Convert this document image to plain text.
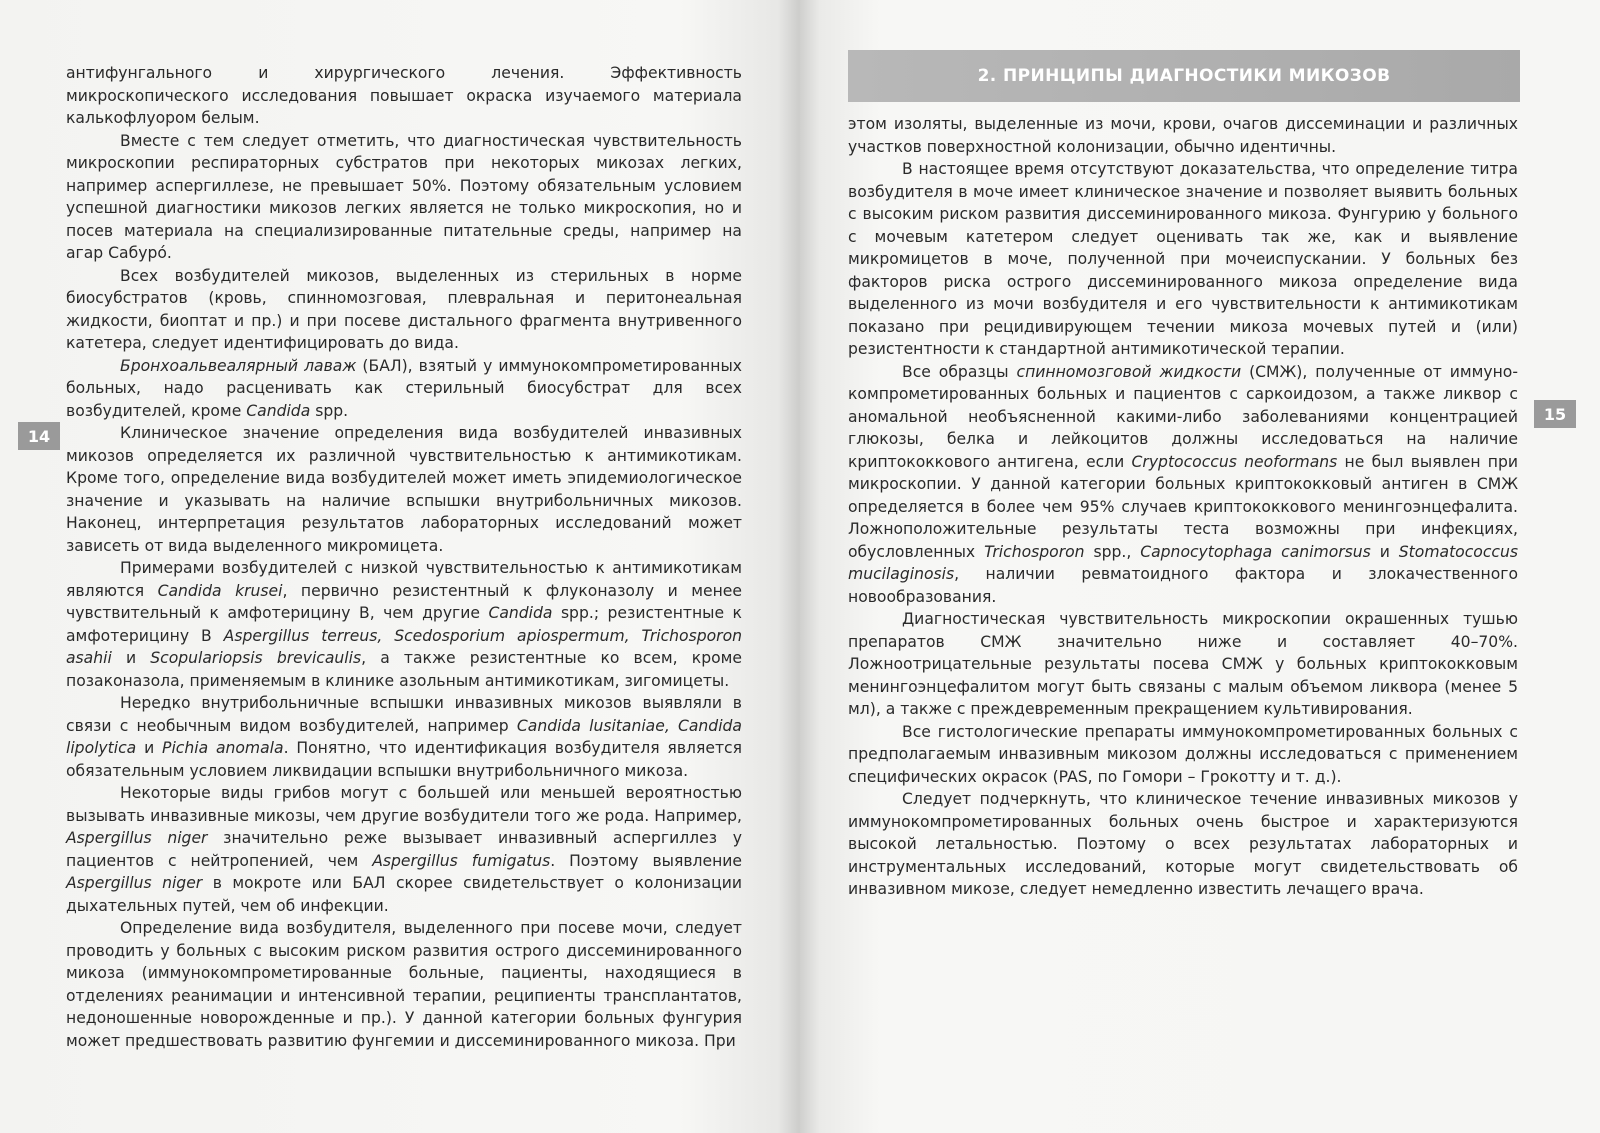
антифунгального и хирургического лечения. Эффективность микроскопического исследования повышает окраска изучаемого материала калькофлуором белым.

Вместе с тем следует отметить, что диагностическая чувствительность микроскопии респираторных субстратов при некоторых микозах легких, например аспергиллезе, не превышает 50%. Поэтому обязательным условием успешной диагностики микозов легких является не только микроскопия, но и посев материала на специализированные питательные среды, например на агар Сабуро́.

Всех возбудителей микозов, выделенных из стерильных в норме биосубстратов (кровь, спинномозговая, плевральная и перитонеальная жидкости, биоптат и пр.) и при посеве дистального фрагмента внутривенного катетера, следует идентифицировать до вида.

Бронхоальвеалярный лаваж (БАЛ), взятый у иммунокомпрометированных больных, надо расценивать как стерильный биосубстрат для всех возбудителей, кроме Candida spp.

Клиническое значение определения вида возбудителей инвазивных микозов определяется их различной чувствительностью к антимикотикам. Кроме того, определение вида возбудителей может иметь эпидемиологическое значение и указывать на наличие вспышки внутрибольничных микозов. Наконец, интерпретация результатов лабораторных исследований может зависеть от вида выделенного микромицета.

Примерами возбудителей с низкой чувствительностью к антимикотикам являются Candida krusei, первично резистентный к флуконазолу и менее чувствительный к амфотерицину В, чем другие Candida spp.; резистентные к амфотерицину В Aspergillus terreus, Scedosporium apiospermum, Trichosporon asahii и Scopulariopsis brevicaulis, а также резистентные ко всем, кроме позаконазола, применяемым в клинике азольным антимикотикам, зигомицеты.

Нередко внутрибольничные вспышки инвазивных микозов выявляли в связи с необычным видом возбудителей, например Candida lusitaniae, Candida lipolytica и Pichia anomala. Понятно, что идентификация возбудителя является обязательным условием ликвидации вспышки внутрибольничного микоза.

Некоторые виды грибов могут с большей или меньшей вероятностью вызывать инвазивные микозы, чем другие возбудители того же рода. Например, Aspergillus niger значительно реже вызывает инвазивный аспергиллез у пациентов с нейтропенией, чем Aspergillus fumigatus. Поэтому выявление Aspergillus niger в мокроте или БАЛ скорее свидетельствует о колонизации дыхательных путей, чем об инфекции.

Определение вида возбудителя, выделенного при посеве мочи, следует проводить у больных с высоким риском развития острого диссеминированного микоза (иммунокомпрометированные больные, пациенты, находящиеся в отделениях реанимации и интенсивной терапии, реципиенты трансплантатов, недоношенные новорожденные и пр.). У данной категории больных фунгурия может предшествовать развитию фунгемии и диссеминированного микоза. При

14
2. ПРИНЦИПЫ ДИАГНОСТИКИ МИКОЗОВ

этом изоляты, выделенные из мочи, крови, очагов диссеминации и различных участков поверхностной колонизации, обычно идентичны.

В настоящее время отсутствуют доказательства, что определение титра возбудителя в моче имеет клиническое значение и позволяет выявить больных с высоким риском развития диссеминированного микоза. Фунгурию у больного с мочевым катетером следует оценивать так же, как и выявление микромицетов в моче, полученной при мочеиспускании. У больных без факторов риска острого диссеминированного микоза определение вида выделенного из мочи возбудителя и его чувствительности к антимикотикам показано при рецидивирующем течении микоза мочевых путей и (или) резистентности к стандартной антимикотической терапии.

Все образцы спинномозговой жидкости (СМЖ), полученные от иммунокомпрометированных больных и пациентов с саркоидозом, а также ликвор с аномальной необъясненной какими-либо заболеваниями концентрацией глюкозы, белка и лейкоцитов должны исследоваться на наличие криптококкового антигена, если Cryptococcus neoformans не был выявлен при микроскопии. У данной категории больных криптококковый антиген в СМЖ определяется в более чем 95% случаев криптококкового менингоэнцефалита. Ложноположительные результаты теста возможны при инфекциях, обусловленных Trichosporon spp., Capnocytophaga canimorsus и Stomatococcus mucilaginosis, наличии ревматоидного фактора и злокачественного новообразования.

Диагностическая чувствительность микроскопии окрашенных тушью препаратов СМЖ значительно ниже и составляет 40–70%. Ложноотрицательные результаты посева СМЖ у больных криптококковым менингоэнцефалитом могут быть связаны с малым объемом ликвора (менее 5 мл), а также с преждевременным прекращением культивирования.

Все гистологические препараты иммунокомпрометированных больных с предполагаемым инвазивным микозом должны исследоваться с применением специфических окрасок (PAS, по Гомори – Грокотту и т. д.).

Следует подчеркнуть, что клиническое течение инвазивных микозов у иммунокомпрометированных больных очень быстрое и характеризуются высокой летальностью. Поэтому о всех результатах лабораторных и инструментальных исследований, которые могут свидетельствовать об инвазивном микозе, следует немедленно известить лечащего врача.

15
